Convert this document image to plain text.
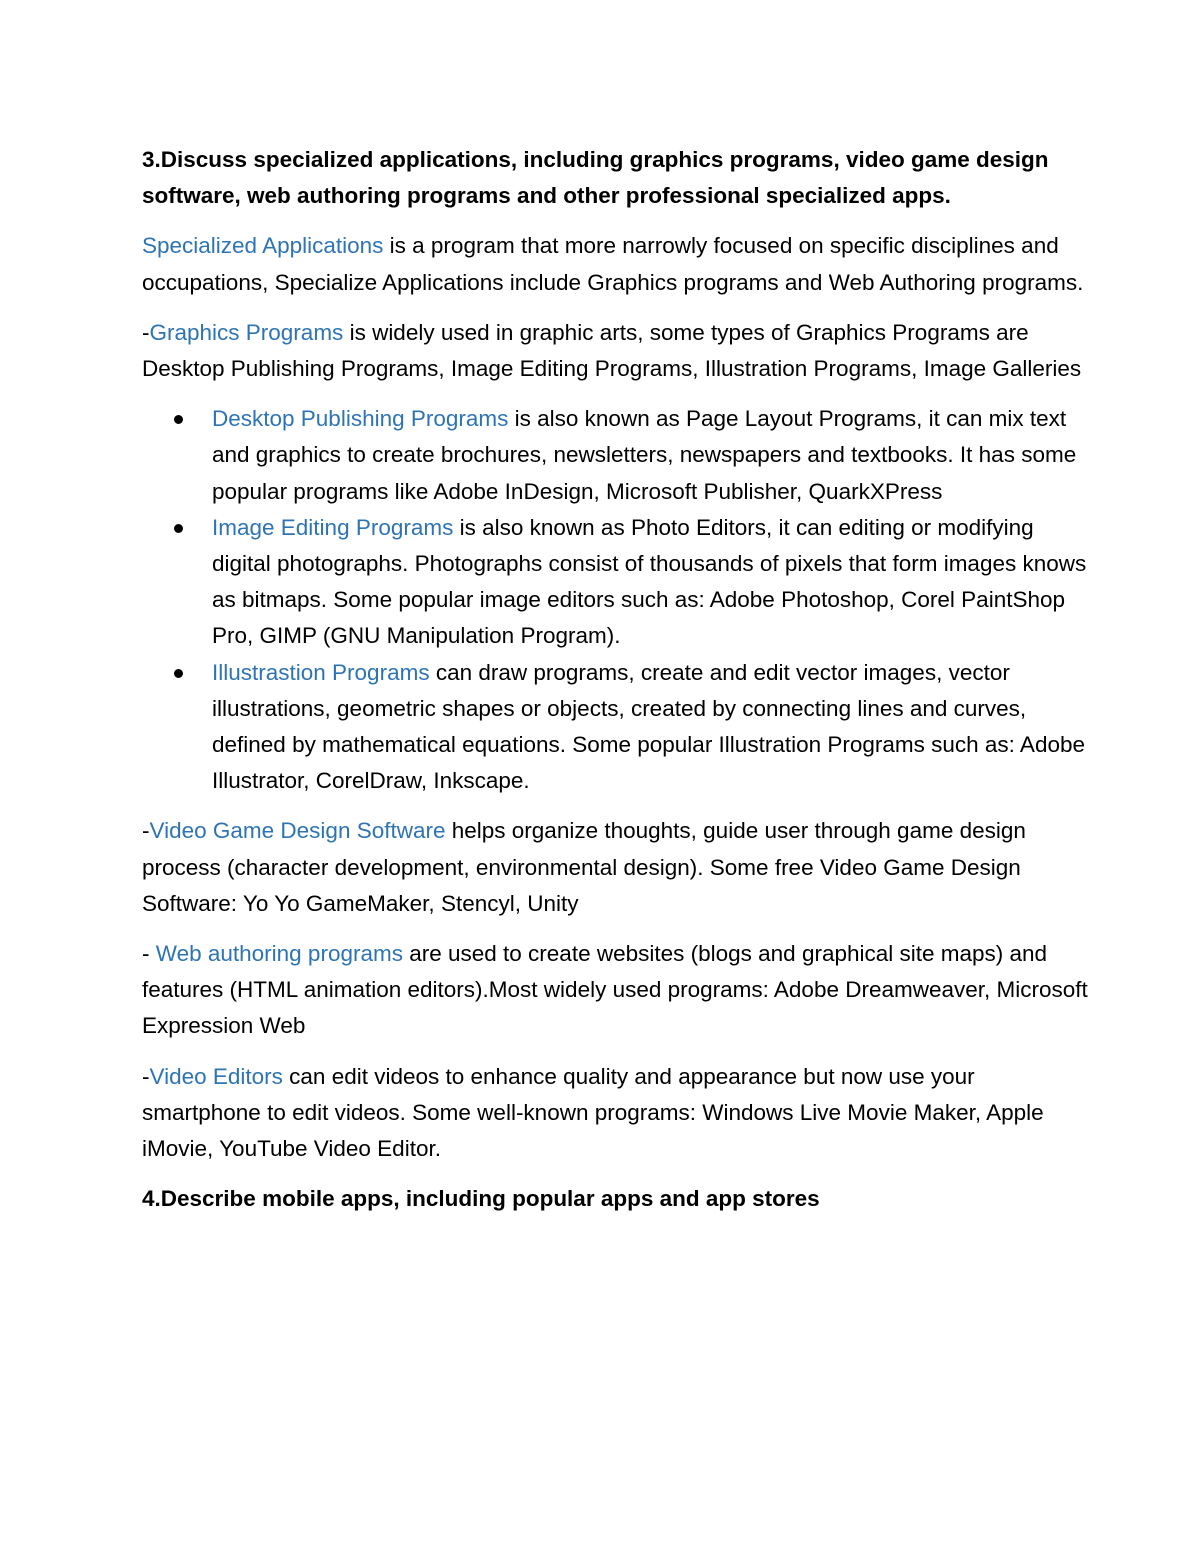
3.Discuss specialized applications, including graphics programs, video game design software, web authoring programs and other professional specialized apps.

Specialized Applications is a program that more narrowly focused on specific disciplines and occupations, Specialize Applications include Graphics programs and Web Authoring programs.

-Graphics Programs is widely used in graphic arts, some types of Graphics Programs are Desktop Publishing Programs, Image Editing Programs, Illustration Programs, Image Galleries

Desktop Publishing Programs is also known as Page Layout Programs, it can mix text and graphics to create brochures, newsletters, newspapers and textbooks. It has some popular programs like Adobe InDesign, Microsoft Publisher, QuarkXPress
Image Editing Programs is also known as Photo Editors, it can editing or modifying digital photographs. Photographs consist of thousands of pixels that form images knows as bitmaps. Some popular image editors such as: Adobe Photoshop, Corel PaintShop Pro, GIMP (GNU Manipulation Program).
Illustrastion Programs can draw programs, create and edit vector images, vector illustrations, geometric shapes or objects, created by connecting lines and curves, defined by mathematical equations. Some popular Illustration Programs such as: Adobe Illustrator, CorelDraw, Inkscape.

-Video Game Design Software helps organize thoughts, guide user through game design process (character development, environmental design). Some free Video Game Design Software: Yo Yo GameMaker, Stencyl, Unity

- Web authoring programs are used to create websites (blogs and graphical site maps) and features (HTML animation editors).Most widely used programs: Adobe Dreamweaver, Microsoft Expression Web

-Video Editors can edit videos to enhance quality and appearance but now use your smartphone to edit videos. Some well-known programs: Windows Live Movie Maker, Apple iMovie, YouTube Video Editor.

4.Describe mobile apps, including popular apps and app stores
